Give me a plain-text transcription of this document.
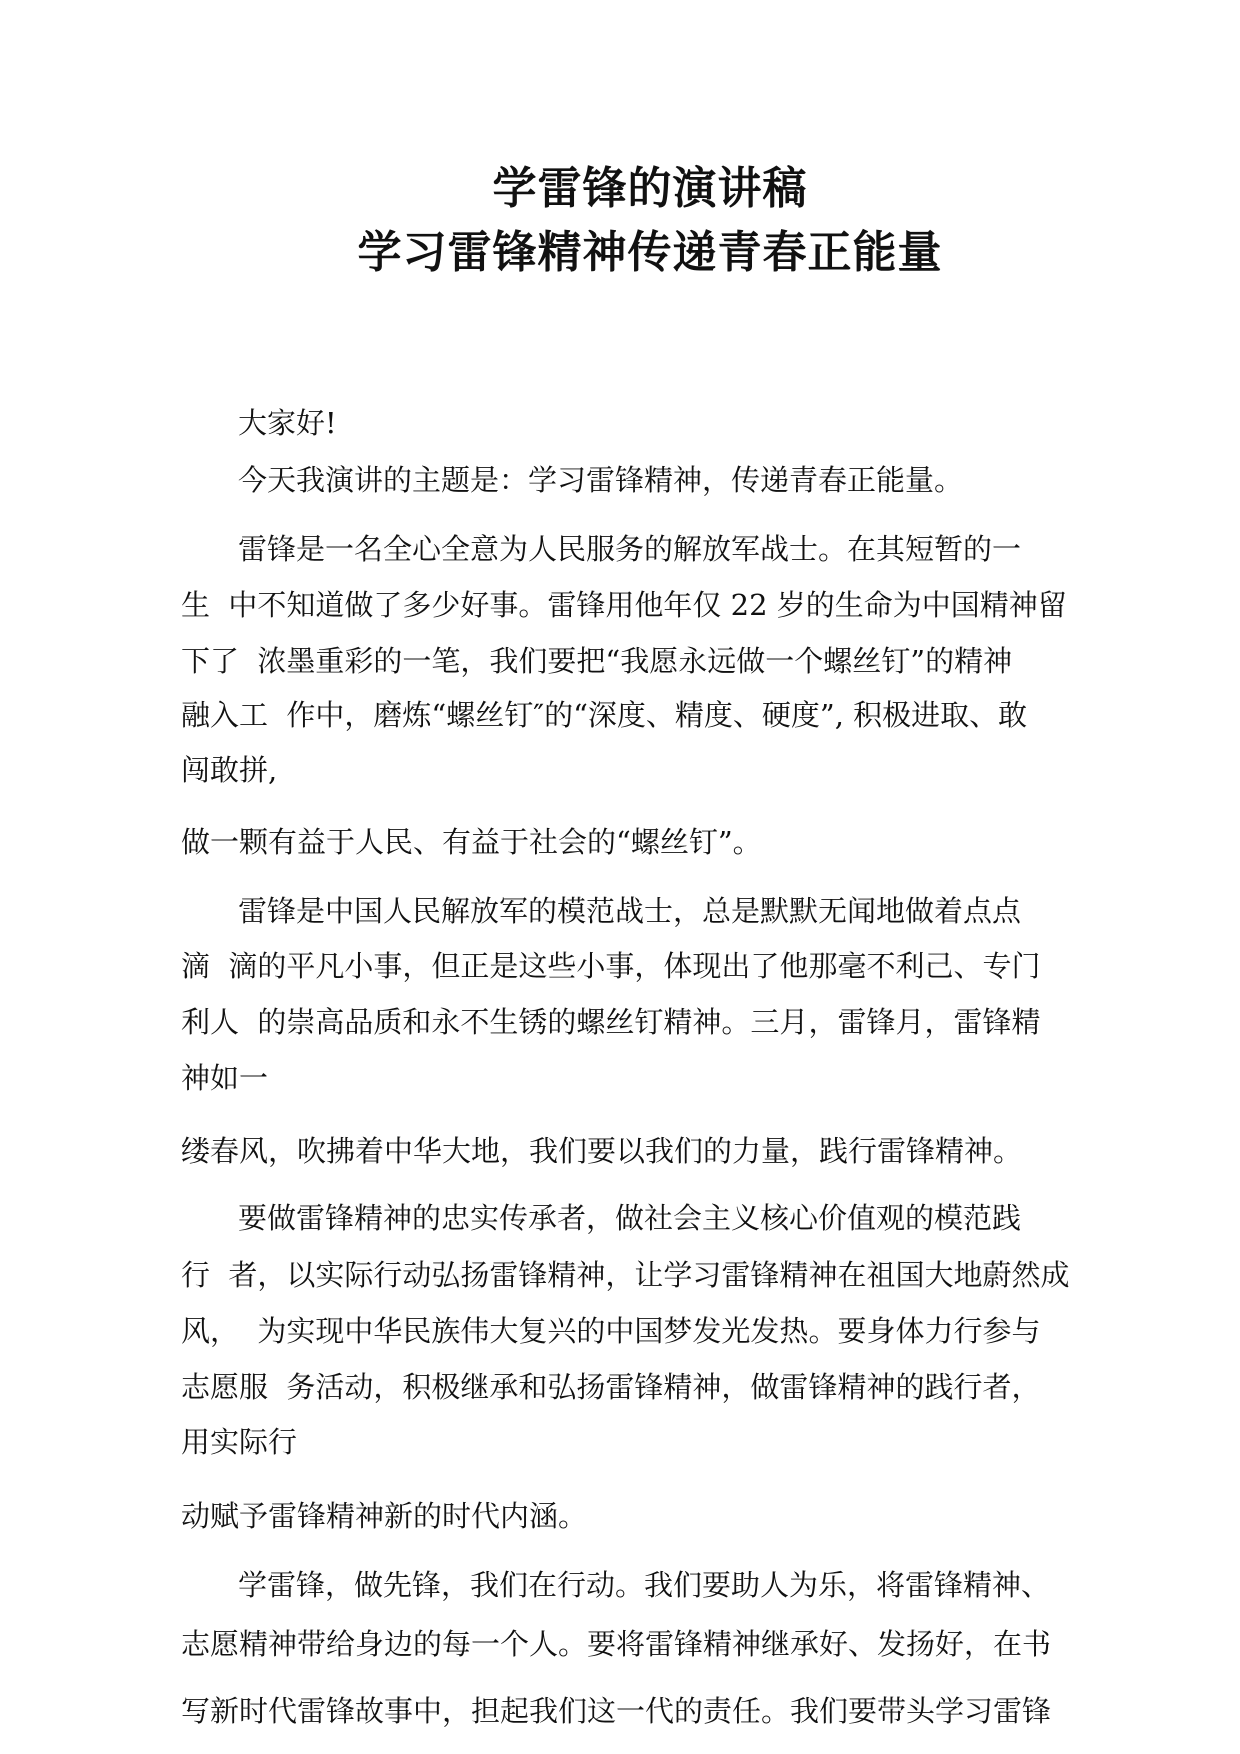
学雷锋的演讲稿
学习雷锋精神传递青春正能量

大家好!

今天我演讲的主题是：学习雷锋精神，传递青春正能量。

雷锋是一名全心全意为人民服务的解放军战士。在其短暂的一

生  中不知道做了多少好事。雷锋用他年仅 22 岁的生命为中国精神留

下了  浓墨重彩的一笔，我们要把“我愿永远做一个螺丝钉”的精神

融入工  作中，磨炼“螺丝钉″的“深度、精度、硬度”, 积极进取、敢

闯敢拼,

做一颗有益于人民、有益于社会的“螺丝钉”。

雷锋是中国人民解放军的模范战士，总是默默无闻地做着点点

滴  滴的平凡小事，但正是这些小事，体现出了他那毫不利己、专门

利人  的崇高品质和永不生锈的螺丝钉精神。三月，雷锋月，雷锋精

神如一

缕春风，吹拂着中华大地，我们要以我们的力量，践行雷锋精神。

要做雷锋精神的忠实传承者，做社会主义核心价值观的模范践

行  者，以实际行动弘扬雷锋精神，让学习雷锋精神在祖国大地蔚然成

风，  为实现中华民族伟大复兴的中国梦发光发热。要身体力行参与

志愿服  务活动，积极继承和弘扬雷锋精神，做雷锋精神的践行者，

用实际行

动赋予雷锋精神新的时代内涵。

学雷锋，做先锋，我们在行动。我们要助人为乐，将雷锋精神、

志愿精神带给身边的每一个人。要将雷锋精神继承好、发扬好，在书

写新时代雷锋故事中，担起我们这一代的责任。我们要带头学习雷锋
